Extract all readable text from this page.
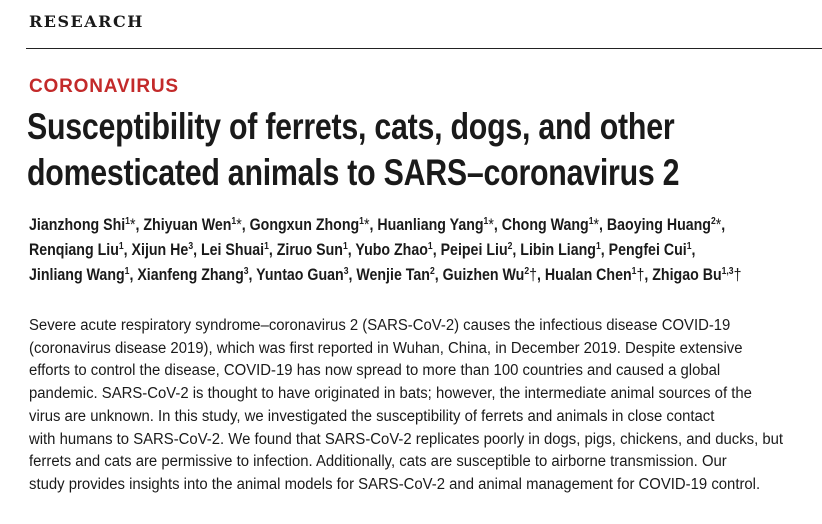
RESEARCH
CORONAVIRUS
Susceptibility of ferrets, cats, dogs, and other
domesticated animals to SARS–coronavirus 2
Jianzhong Shi$^1$*, Zhiyuan Wen$^1$*, Gongxun Zhong$^1$*, Huanliang Yang$^1$*, Chong Wang$^1$*, Baoying Huang$^2$*,
Renqiang Liu$^1$, Xijun He$^3$, Lei Shuai$^1$, Ziruo Sun$^1$, Yubo Zhao$^1$, Peipei Liu$^2$, Libin Liang$^1$, Pengfei Cui$^1$,
Jinliang Wang$^1$, Xianfeng Zhang$^3$, Yuntao Guan$^3$, Wenjie Tan$^2$, Guizhen Wu$^2$†, Hualan Chen$^1$†, Zhigao Bu$^{1,3}$†
Severe acute respiratory syndrome–coronavirus 2 (SARS-CoV-2) causes the infectious disease COVID-19
(coronavirus disease 2019), which was first reported in Wuhan, China, in December 2019. Despite extensive
efforts to control the disease, COVID-19 has now spread to more than 100 countries and caused a global
pandemic. SARS-CoV-2 is thought to have originated in bats; however, the intermediate animal sources of the
virus are unknown. In this study, we investigated the susceptibility of ferrets and animals in close contact
with humans to SARS-CoV-2. We found that SARS-CoV-2 replicates poorly in dogs, pigs, chickens, and ducks, but
ferrets and cats are permissive to infection. Additionally, cats are susceptible to airborne transmission. Our
study provides insights into the animal models for SARS-CoV-2 and animal management for COVID-19 control.
